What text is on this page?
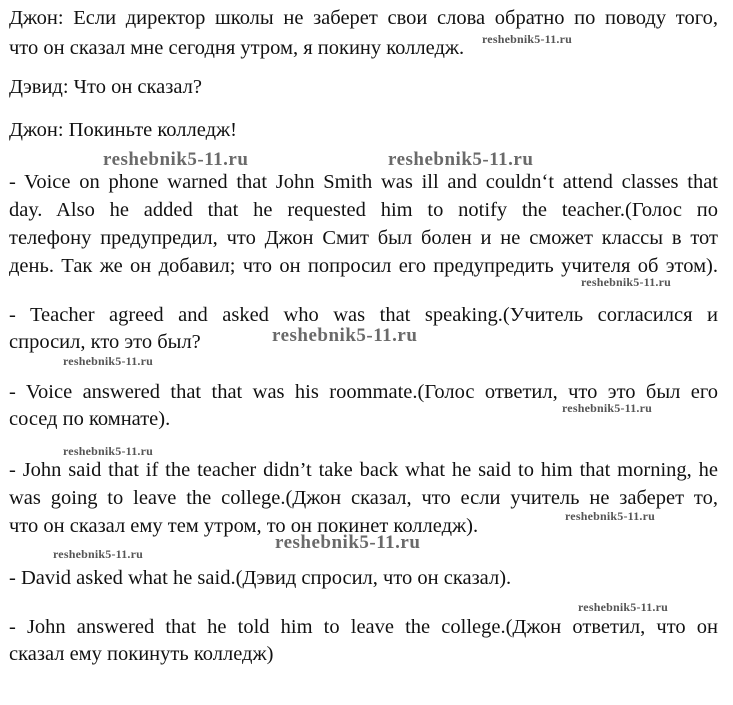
Джон: Если директор школы не заберет свои слова обратно по поводу того,
что он сказал мне сегодня утром, я покину колледж.
Дэвид: Что он сказал?
Джон: Покиньте колледж!
- Voice on phone warned that John Smith was ill and couldn‘t attend classes that
day. Also he added that he requested him to notify the teacher.(Голос по
телефону предупредил, что Джон Смит был болен и не сможет классы в тот
день. Так же он добавил; что он попросил его предупредить учителя об этом).
- Teacher agreed and asked who was that speaking.(Учитель согласился и
спросил, кто это был?
- Voice answered that that was his roommate.(Голос ответил, что это был его
сосед по комнате).
- John said that if the teacher didn’t take back what he said to him that morning, he
was going to leave the college.(Джон сказал, что если учитель не заберет то,
что он сказал ему тем утром, то он покинет колледж).
- David asked what he said.(Дэвид спросил, что он сказал).
- John answered that he told him to leave the college.(Джон ответил, что он
сказал ему покинуть колледж)
reshebnik5-11.ru
reshebnik5-11.ru	reshebnik5-11.ru
reshebnik5-11.ru
reshebnik5-11.ru
reshebnik5-11.ru
reshebnik5-11.ru
reshebnik5-11.ru
reshebnik5-11.ru
reshebnik5-11.ru
reshebnik5-11.ru
reshebnik5-11.ru
